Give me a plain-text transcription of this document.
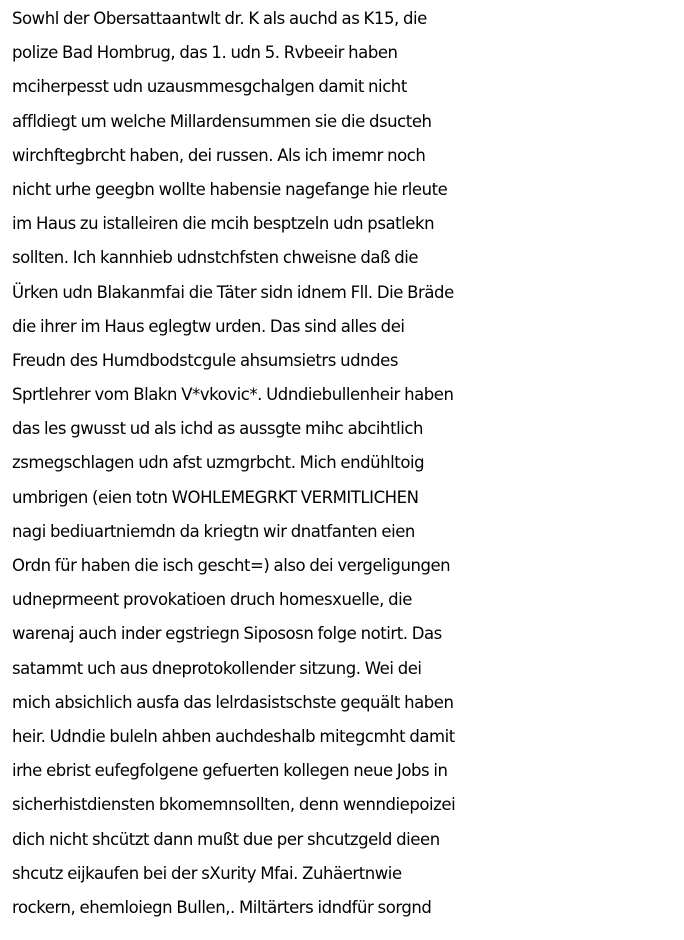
Sowhl der Obersattaantwlt dr. K als auchd as K15, die
polize Bad Hombrug, das 1. udn 5. Rvbeeir haben
mciherpesst udn uzausmmesgchalgen damit nicht
affldiegt um welche Millardensummen sie die dsucteh
wirchftegbrcht haben, dei russen. Als ich imemr noch
nicht urhe geegbn wollte habensie nagefange hie rleute
im Haus zu istalleiren die mcih besptzeln udn psatlekn
sollten. Ich kannhieb udnstchfsten chweisne daß die
Ürken udn Blakanmfai die Täter sidn idnem Fll. Die Bräde
die ihrer im Haus eglegtw urden. Das sind alles dei
Freudn des Humdbodstcgule ahsumsietrs udndes
Sprtlehrer vom Blakn V*vkovic*. Udndiebullenheir haben
das les gwusst ud als ichd as aussgte mihc abcihtlich
zsmegschlagen udn afst uzmgrbcht. Mich endühltoig
umbrigen (eien totn WOHLEMEGRKT VERMITLICHEN
nagi bediuartniemdn da kriegtn wir dnatfanten eien
Ordn für haben die isch gescht=) also dei vergeligungen
udneprmeent provokatioen druch homesxuelle, die
warenaj auch inder egstriegn Sipososn folge notirt. Das
satammt uch aus dneprotokollender sitzung. Wei dei
mich absichlich ausfa das lelrdasistschste gequält haben
heir. Udndie buleln ahben auchdeshalb mitegcmht damit
irhe ebrist eufegfolgene gefuerten kollegen neue Jobs in
sicherhistdiensten bkomemnsollten, denn wenndiepoizei
dich nicht shcützt dann mußt due per shcutzgeld dieen
shcutz eijkaufen bei der sXurity Mfai. Zuhäertnwie
rockern, ehemloiegn Bullen,. Miltärters idndfür sorgnd
